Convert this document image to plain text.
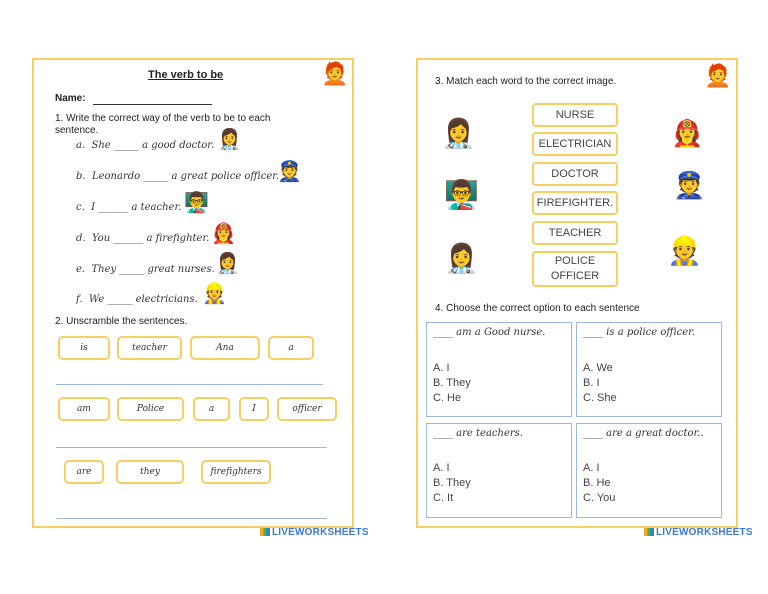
The verb to be	🧑‍🦰
Name:
1. Write the correct way of the verb to be to each sentence.
a. She _____ a good doctor. 👩‍⚕️
b. Leonardo _____ a great police officer.
👮
c. I ______ a teacher. 👨‍🏫
d. You ______ a firefighter. 👩‍🚒
e. They _____ great nurses. 👩‍⚕️
f. We _____ electricians. 👷
2. Unscramble the sentences.
is	teacher	Ana	a
am	Police	a	I	officer
are	they	firefighters
LIVEWORKSHEETS
3. Match each word to the correct image.	🧑‍🦰
👩‍⚕️
👨‍🏫
👩‍⚕️
👩‍🚒
👮
👷
NURSE
ELECTRICIAN
DOCTOR
FIREFIGHTER.
TEACHER
POLICE OFFICER
4. Choose the correct option to each sentence
____ am a Good nurse.
A. I
B. They
C. He
____ is a police officer.
A. We
B. I
C. She
____ are teachers.
A. I
B. They
C. It
____ are a great doctor..
A. I
B. He
C. You
LIVEWORKSHEETS
